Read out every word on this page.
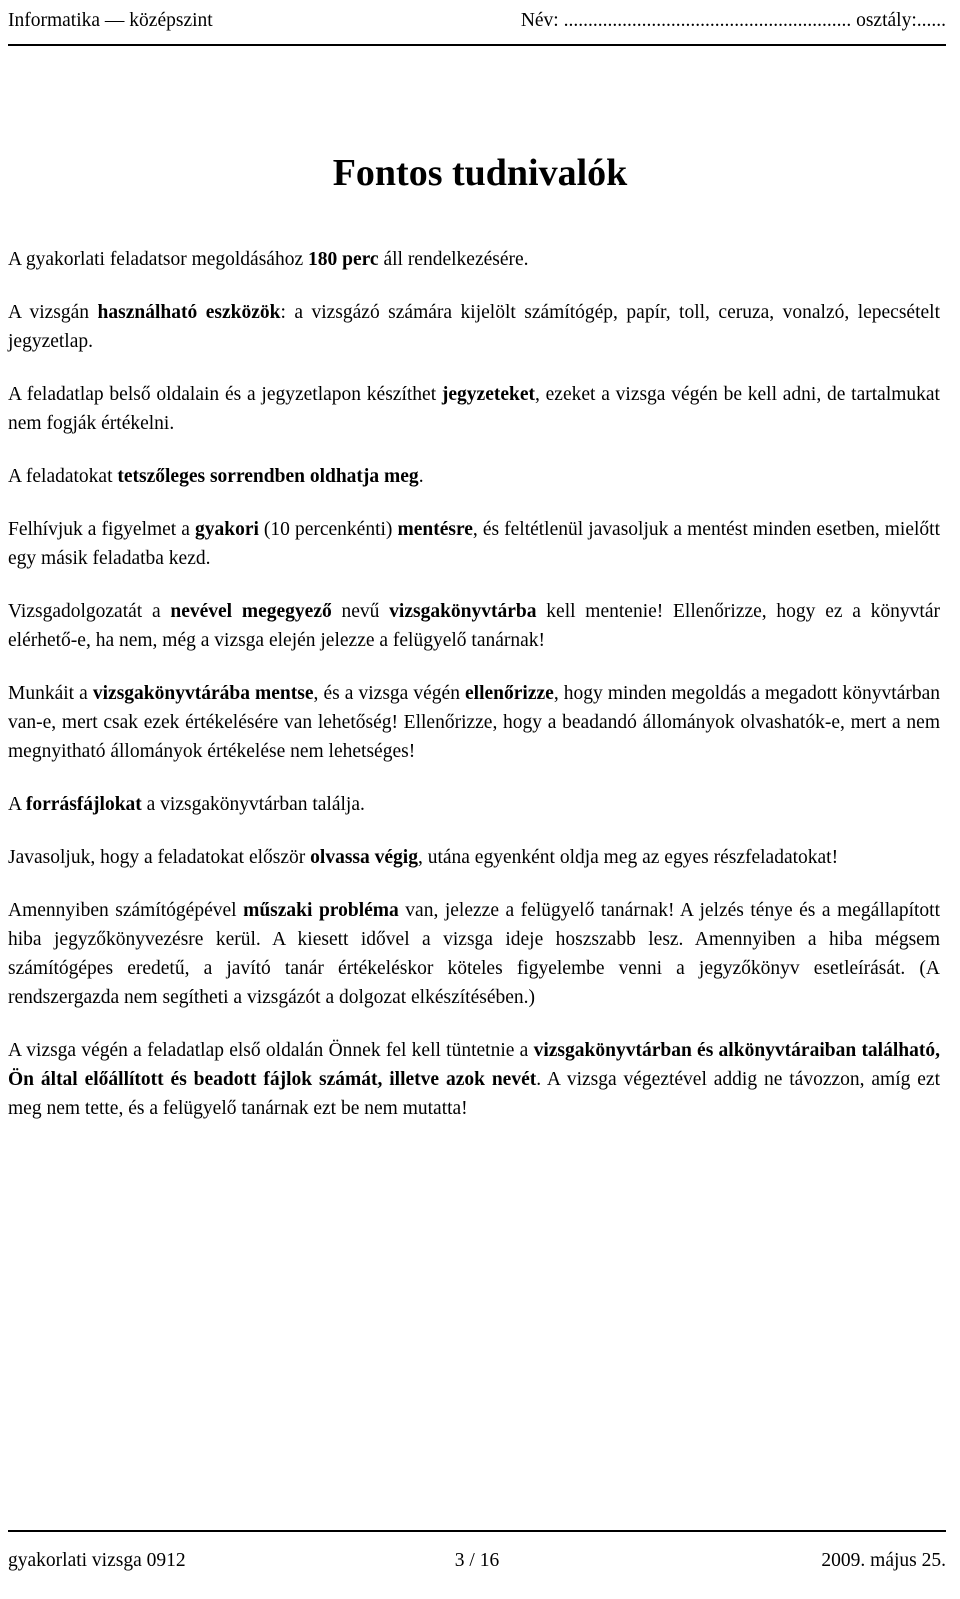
Informatika — középszint	Név: ........................................................... osztály:......
Fontos tudnivalók

A gyakorlati feladatsor megoldásához 180 perc áll rendelkezésére.

A vizsgán használható eszközök: a vizsgázó számára kijelölt számítógép, papír, toll, ceruza, vonalzó, lepecsételt jegyzetlap.

A feladatlap belső oldalain és a jegyzetlapon készíthet jegyzeteket, ezeket a vizsga végén be kell adni, de tartalmukat nem fogják értékelni.

A feladatokat tetszőleges sorrendben oldhatja meg.

Felhívjuk a figyelmet a gyakori (10 percenkénti) mentésre, és feltétlenül javasoljuk a mentést minden esetben, mielőtt egy másik feladatba kezd.

Vizsgadolgozatát a nevével megegyező nevű vizsgakönyvtárba kell mentenie! Ellenőrizze, hogy ez a könyvtár elérhető-e, ha nem, még a vizsga elején jelezze a felügyelő tanárnak!

Munkáit a vizsgakönyvtárába mentse, és a vizsga végén ellenőrizze, hogy minden megoldás a megadott könyvtárban van-e, mert csak ezek értékelésére van lehetőség! Ellenőrizze, hogy a beadandó állományok olvashatók-e, mert a nem megnyitható állományok értékelése nem lehetséges!

A forrásfájlokat a vizsgakönyvtárban találja.

Javasoljuk, hogy a feladatokat először olvassa végig, utána egyenként oldja meg az egyes részfeladatokat!

Amennyiben számítógépével műszaki probléma van, jelezze a felügyelő tanárnak! A jelzés ténye és a megállapított hiba jegyzőkönyvezésre kerül. A kiesett idővel a vizsga ideje hoszszabb lesz. Amennyiben a hiba mégsem számítógépes eredetű, a javító tanár értékeléskor köteles figyelembe venni a jegyzőkönyv esetleírását. (A rendszergazda nem segítheti a vizsgázót a dolgozat elkészítésében.)

A vizsga végén a feladatlap első oldalán Önnek fel kell tüntetnie a vizsgakönyvtárban és alkönyvtáraiban található, Ön által előállított és beadott fájlok számát, illetve azok nevét. A vizsga végeztével addig ne távozzon, amíg ezt meg nem tette, és a felügyelő tanárnak ezt be nem mutatta!

gyakorlati vizsga 0912	3 / 16	2009. május 25.
